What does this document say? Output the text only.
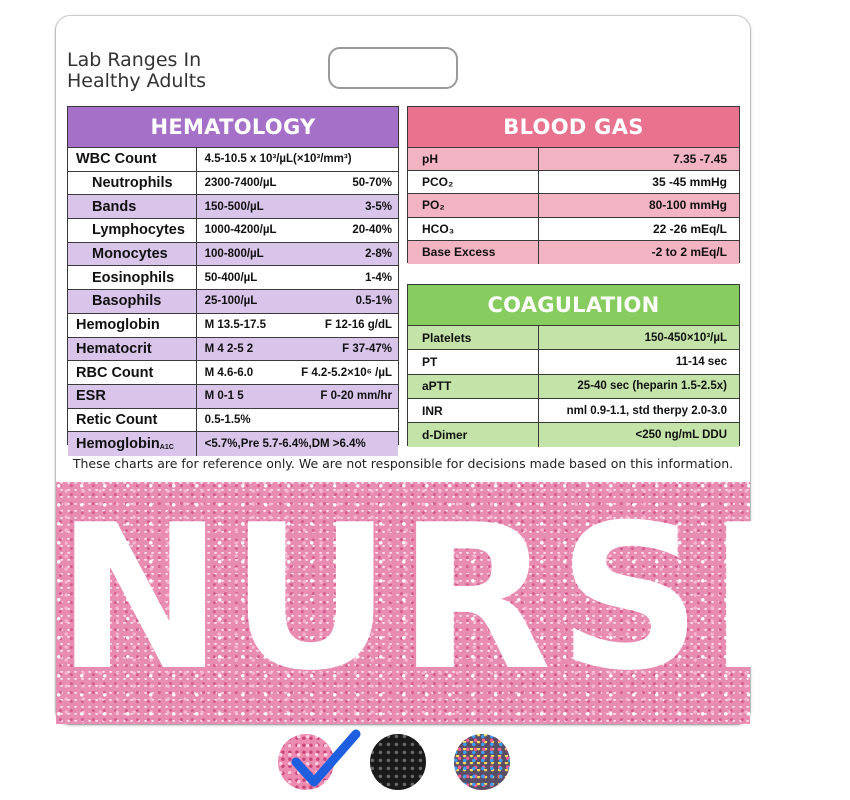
Lab Ranges In
Healthy Adults
HEMATOLOGY
WBC Count	4.5-10.5 x 10³/µL(×10³/mm³)
Neutrophils	2300-7400/µL	50-70%
Bands	150-500/µL	3-5%
Lymphocytes	1000-4200/µL	20-40%
Monocytes	100-800/µL	2-8%
Eosinophils	50-400/µL	1-4%
Basophils	25-100/µL	0.5-1%
Hemoglobin	M 13.5-17.5	F 12-16 g/dL
Hematocrit	M 4 2-5 2	F 37-47%
RBC Count	M 4.6-6.0	F 4.2-5.2×10⁶ /µL
ESR	M 0-1 5	F 0-20 mm/hr
Retic Count	0.5-1.5%
Hemoglobin A1C	<5.7%,Pre 5.7-6.4%,DM >6.4%
BLOOD GAS
pH	7.35 -7.45
PCO₂	35 -45 mmHg
PO₂	80-100 mmHg
HCO₃	22 -26 mEq/L
Base Excess	-2 to 2 mEq/L
COAGULATION
Platelets	150-450×10³/µL
PT	11-14 sec
aPTT	25-40 sec (heparin 1.5-2.5x)
INR	nml 0.9-1.1, std therpy 2.0-3.0
d-Dimer	<250 ng/mL DDU
These charts are for reference only. We are not responsible for decisions made based on this information.
NURSE
